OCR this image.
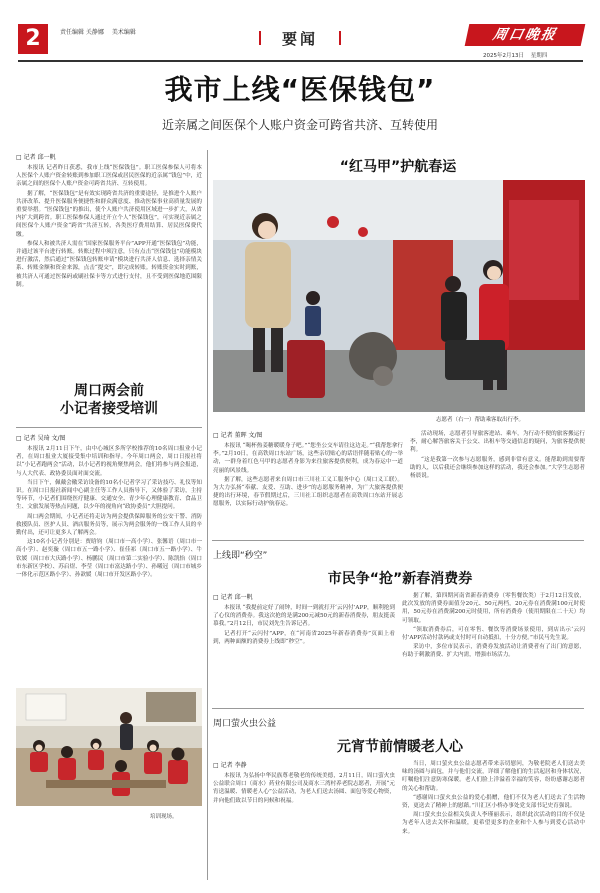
2	责任编辑 关静娜 美术编辑	要闻	周口晚报
2025年2月13日 星期四
我市上线“医保钱包”
近亲属之间医保个人账户资金可跨省共济、互转使用
□ 记者 邱一帆

本报讯 记者昨日获悉，我市上线“医保钱包”。职工医保参保人可将本人医保个人账户资金转账到参加职工医保或居民医保的近亲属“钱包”中，近亲属之间的医保个人账户资金可跨省共济、互转使用。

据了解，“医保钱包”是有效实现跨省共济的重要途径，是推进个人账户共济改革、提升医保服务便捷性和群众满意度、推动医保事业高质量发展的重要举措。“医保钱包”的推出，使个人账户共济使用区域进一步扩大，从省内扩大到跨省。职工医保参保人通过开立个人“医保钱包”，可实现近亲属之间医保个人账户资金“跨省”共济互转，各类医疗费用结算、居民医保费代缴。

参保人和被共济人需在“国家医保服务平台”APP开通“医保钱包”功能，并通过该平台进行转账。转账过程中须注意，只有点击“医保钱包”功能模块进行激活，然后通过“医保钱包转账申请”模块进行共济人信息、选择亲情关系、转账金额和资金来源，点击“提交”，即完成转账。转账资金实时到账，被共济人可通过医保码或刷社保卡等方式进行支付，且不受到医保地范围限制。

周口两会前
小记者接受培训
□ 记者 吴琦 文/图

本报讯 2月11日下午，由中心城区多所学校推荐的10名周口报业小记者，在周口报业大厦接受集中培训和指导。今年周口两会，周口日报社将以“小记者跑两会”活动，以小记者的视角聚焦两会，他们将参与两会报道，与人大代表、政协委员面对面交流。

当日下午，佩戴会徽采访设备的10名小记者学习了采访技巧、礼仪等知识。在周口日报社新闻中心副主任等工作人员指导下，又体验了采访，主持等环节，小记者们围绕医疗健康、交通安全、青少年心理健康教育、食品卫生、文旅发展等热点问题，以少年的视角向“政协委员”大胆提问。

周口两会期间，小记者还将走访为两会提供保障服务的公安干警、消防救援队员、医护人员、酒店服务员等，展示为两会服务的一线工作人员的辛勤付出，还可让更多人了解两会。

这10名小记者分别是：贾晗钧（周口市一高小学）、张馨语（周口市一高小学）、赵奕璇（周口市五一路小学）、崔佳祁（周口市五一路小学）、牛钦媛（周口市大庆路小学）、杨鹏民（周口市第二实验小学）、陈凯怡（周口市东新区学校）、苏启煜、李莹（周口市富达路小学）、孙曦冠（周口市城乡一体化示范区路小学）、孙歆媛（周口市开发区路小学）。

培训现场。
“红马甲”护航春运
志愿者（右一）帮助乘客取出行李。
□ 记者 董晖 文/图

本报讯 “喝杯热姜糖暖暖身子吧。”“您坐公交车请往这边走。”“我帮您拿行李。”2月10日，在高铁周口东站广场，这些亲切贴心的话语伴随着贴心的一举动，一群身着红色马甲的志愿者身影为来往旅客提供便利，成为春运中一道亮丽的风景线。

据了解，这些志愿者来自周口市三川社工义工服务中心（周口义工联）。为大力弘扬“奉献、友爱、互助、进步”的志愿服务精神，为广大旅客提供便捷的出行环境，春节假期过后，三川社工组织志愿者在高铁周口东站开展志愿服务，以实际行动护航春运。

活动现场，志愿者引导旅客进站、乘车，为行动不便的旅客搬运行李，耐心解答旅客关于公交、出租车等交通信息的疑问，为旅客提供便利。

“这是我第一次参与志愿服务，感到非常有意义。能帮助到需要帮助的人，以后我还会继续参加这样的活动，我还会参加。”大学生志愿者杨晨说。

上线即“秒空”
市民争“抢”新春消费券
□ 记者 邱一帆

本报讯 “我提前定好了闹钟，时间一到就打开‘云闪付’APP，顺利抢到了心仪的消费券。我这次抢的是满200元减50元的新春消费券，朋友挺羡慕我。”2月12日，市民刘先生告诉记者。

记者打开“云闪付”APP，在“河南省2025年新春消费券”页面上看到，两种面额的消费券上线即“秒空”。

据了解，第四期河南省新春消费券（零售餐饮类）于2月12日发放，此次发放的消费券面值分20元、50元两档，20元券在消费满100元时使用，50元券在消费满200元时使用，所有消费券（使用期限在二十天）均可领取。

“领取消费券后，可在零售、餐饮等消费场景使用，到店出示‘云闪付’APP活动付款码或支付时可自动抵扣，十分方便。”市民马先生说。

采访中，多位市民表示，消费券发放活动让消费者有了出门的意愿，有助于刺激消费、扩大内需，增强市场活力。

周口萤火虫公益
元宵节前情暖老人心
□ 记者 李静

本报讯 为弘扬中华民族尊老敬老的传统美德，2月11日，周口萤火虫公益联合周口（商水）药业有限公司及商水三湾村养老院志愿者，开展“元宵送温暖、情暖老人心”公益活动，为老人们送去汤圆、面包等爱心物资，并向他们致以节日的问候和祝福。

当日，周口萤火虫公益志愿者带来亲切慰问，为敬老院老人们送去美味的汤圆与面包，并与他们交流，详细了解他们的生活起居和身体状况，叮嘱他们注意防寒保暖。老人们脸上洋溢着幸福的笑容，纷纷感谢志愿者的关心和帮助。

“感谢周口萤火虫公益的爱心捐赠，他们不仅为老人们送去了生活物资，更送去了精神上的慰藉。”川汇区小桥办事处党支部书记史育强说。

周口萤火虫公益相关负责人李瑾丽表示，组织此次活动的目的不仅是为老年人送去关怀和温暖，更希望更多的企业和个人参与到爱心活动中来。
